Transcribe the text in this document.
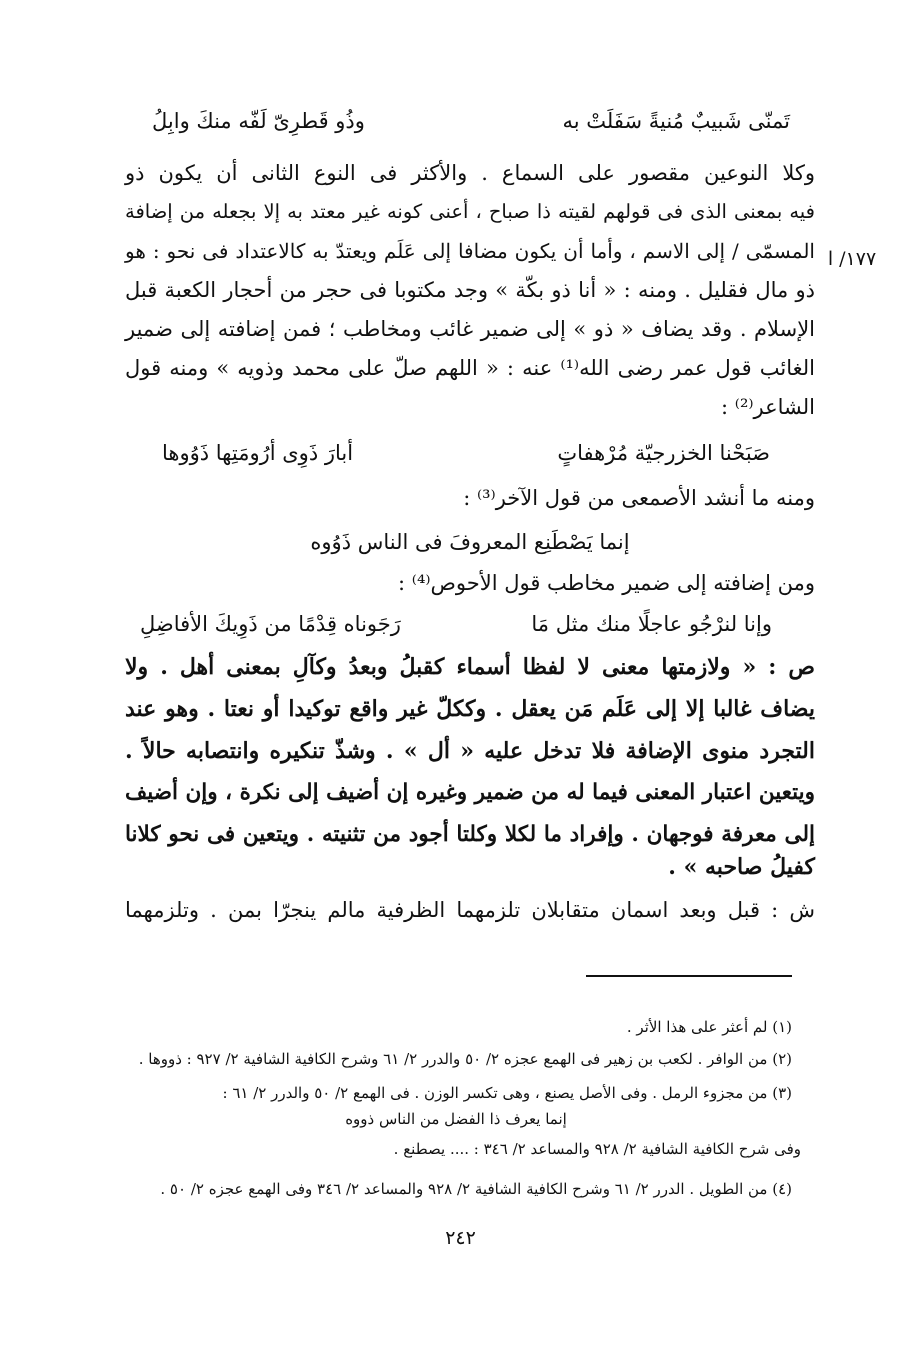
وذُو قَطرِىّ لَفّه منكَ وابِلُ	تَمنّى شَبيبٌ مُنيةً سَفَلَتْ به
وكلا النوعين مقصور على السماع . والأكثر فى النوع الثانى أن يكون ذو
فيه بمعنى الذى فى قولهم لقيته ذا صباح ، أعنى كونه غير معتد به إلا بجعله من إضافة
المسمّى / إلى الاسم ، وأما أن يكون مضافا إلى عَلَم ويعتدّ به كالاعتداد فى نحو : هو
ذو مال فقليل . ومنه : « أنا ذو بكّة » وجد مكتوبا فى حجر من أحجار الكعبة قبل
الإسلام . وقد يضاف « ذو » إلى ضمير غائب ومخاطب ؛ فمن إضافته إلى ضمير
الغائب قول عمر رضى الله⁽¹⁾ عنه : « اللهم صلّ على محمد وذويه » ومنه قول
الشاعر⁽²⁾ :
١٧٧/ ا
أبارَ ذَوِى أرُومَتِها ذَوُوها	صَبَحْنا الخزرجيّة مُرْهفاتٍ
ومنه ما أنشد الأصمعى من قول الآخر⁽³⁾ :
إنما يَصْطَنِع المعروفَ فى الناس ذَوُوه
ومن إضافته إلى ضمير مخاطب قول الأحوص⁽⁴⁾ :
رَجَوناه قِدْمًا من ذَوِيكَ الأفاضِلِ	وإنا لنرْجُو عاجلًا منك مثل مَا
ص : « ولازمتها معنى لا لفظا أسماء كقبلُ وبعدُ وكآلِ بمعنى أهل . ولا
يضاف غالبا إلا إلى عَلَم مَن يعقل . وككلّ غير واقع توكيدا أو نعتا . وهو عند
التجرد منوى الإضافة فلا تدخل عليه « أل » . وشذّ تنكيره وانتصابه حالاً .
ويتعين اعتبار المعنى فيما له من ضمير وغيره إن أضيف إلى نكرة ، وإن أضيف
إلى معرفة فوجهان . وإفراد ما لكلا وكلتا أجود من تثنيته . ويتعين فى نحو كلانا
كفيلُ صاحبه » .
ش : قبل وبعد اسمان متقابلان تلزمهما الظرفية مالم ينجرّا بمن . وتلزمهما
(١) لم أعثر على هذا الأثر .
(٢) من الوافر . لكعب بن زهير فى الهمع عجزه ٢/ ٥٠ والدرر ٢/ ٦١ وشرح الكافية الشافية ٢/ ٩٢٧ : ذووها .
(٣) من مجزوء الرمل . وفى الأصل يصنع ، وهى تكسر الوزن . فى الهمع ٢/ ٥٠ والدرر ٢/ ٦١ :
إنما يعرف ذا الفضل من الناس ذووه
وفى شرح الكافية الشافية ٢/ ٩٢٨ والمساعد ٢/ ٣٤٦ : .... يصطنع .
(٤) من الطويل . الدرر ٢/ ٦١ وشرح الكافية الشافية ٢/ ٩٢٨ والمساعد ٢/ ٣٤٦ وفى الهمع عجزه ٢/ ٥٠ .
٢٤٢
